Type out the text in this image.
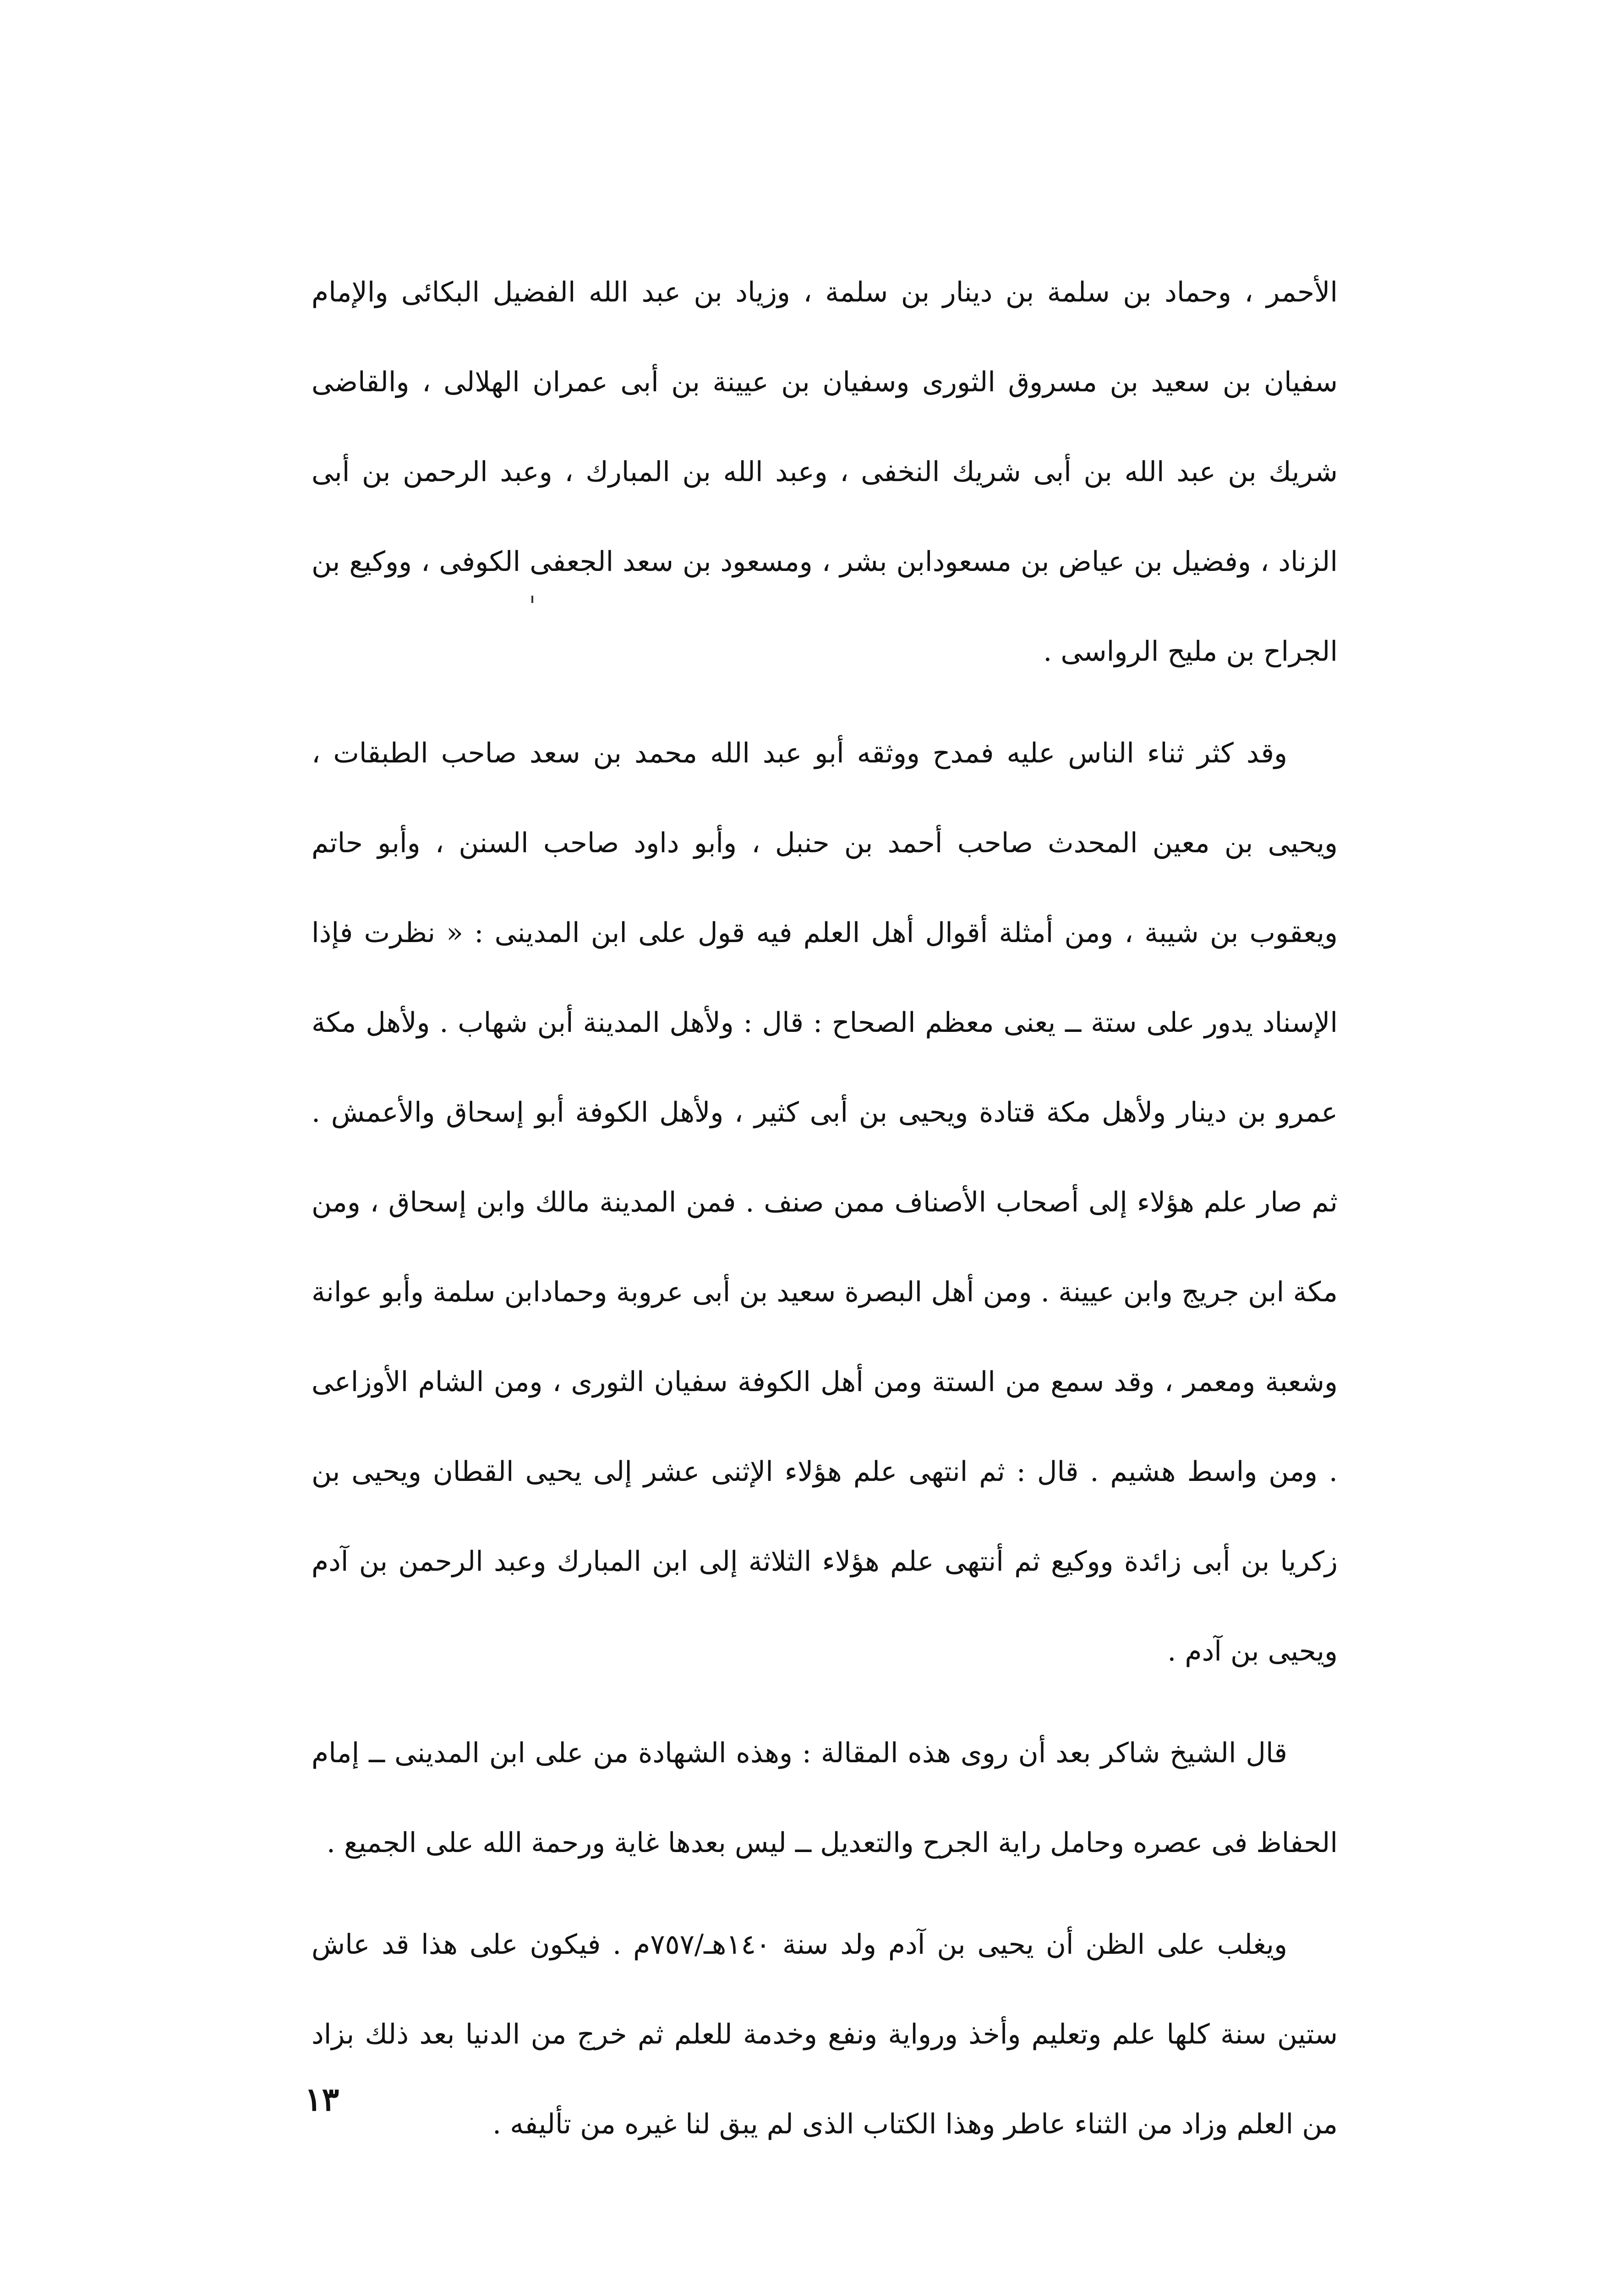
الأحمر ، وحماد بن سلمة بن دينار بن سلمة ، وزياد بن عبد الله الفضيل البكائى والإمام سفيان بن سعيد بن مسروق الثورى وسفيان بن عيينة بن أبى عمران الهلالى ، والقاضى شريك بن عبد الله بن أبى شريك النخفى ، وعبد الله بن المبارك ، وعبد الرحمن بن أبى الزناد ، وفضيل بن عياض بن مسعودابن بشر ، ومسعود بن سعد الجعفى الكوفى ، ووكيع بن الجراح بن مليح الرواسى .

وقد كثر ثناء الناس عليه فمدح ووثقه أبو عبد الله محمد بن سعد صاحب الطبقات ، ويحيى بن معين المحدث صاحب أحمد بن حنبل ، وأبو داود صاحب السنن ، وأبو حاتم ويعقوب بن شيبة ، ومن أمثلة أقوال أهل العلم فيه قول على ابن المدينى : « نظرت فإذا الإسناد يدور على ستة ــ يعنى معظم الصحاح : قال : ولأهل المدينة أبن شهاب . ولأهل مكة عمرو بن دينار ولأهل مكة قتادة ويحيى بن أبى كثير ، ولأهل الكوفة أبو إسحاق والأعمش . ثم صار علم هؤلاء إلى أصحاب الأصناف ممن صنف . فمن المدينة مالك وابن إسحاق ، ومن مكة ابن جريج وابن عيينة . ومن أهل البصرة سعيد بن أبى عروبة وحمادابن سلمة وأبو عوانة وشعبة ومعمر ، وقد سمع من الستة ومن أهل الكوفة سفيان الثورى ، ومن الشام الأوزاعى . ومن واسط هشيم . قال : ثم انتهى علم هؤلاء الإثنى عشر إلى يحيى القطان ويحيى بن زكريا بن أبى زائدة ووكيع ثم أنتهى علم هؤلاء الثلاثة إلى ابن المبارك وعبد الرحمن بن آدم ويحيى بن آدم .

قال الشيخ شاكر بعد أن روى هذه المقالة : وهذه الشهادة من على ابن المدينى ــ إمام الحفاظ فى عصره وحامل راية الجرح والتعديل ــ ليس بعدها غاية ورحمة الله على الجميع .

ويغلب على الظن أن يحيى بن آدم ولد سنة ١٤٠هـ/٧٥٧م . فيكون على هذا قد عاش ستين سنة كلها علم وتعليم وأخذ ورواية ونفع وخدمة للعلم ثم خرج من الدنيا بعد ذلك بزاد من العلم وزاد من الثناء عاطر وهذا الكتاب الذى لم يبق لنا غيره من تأليفه .

١٣
